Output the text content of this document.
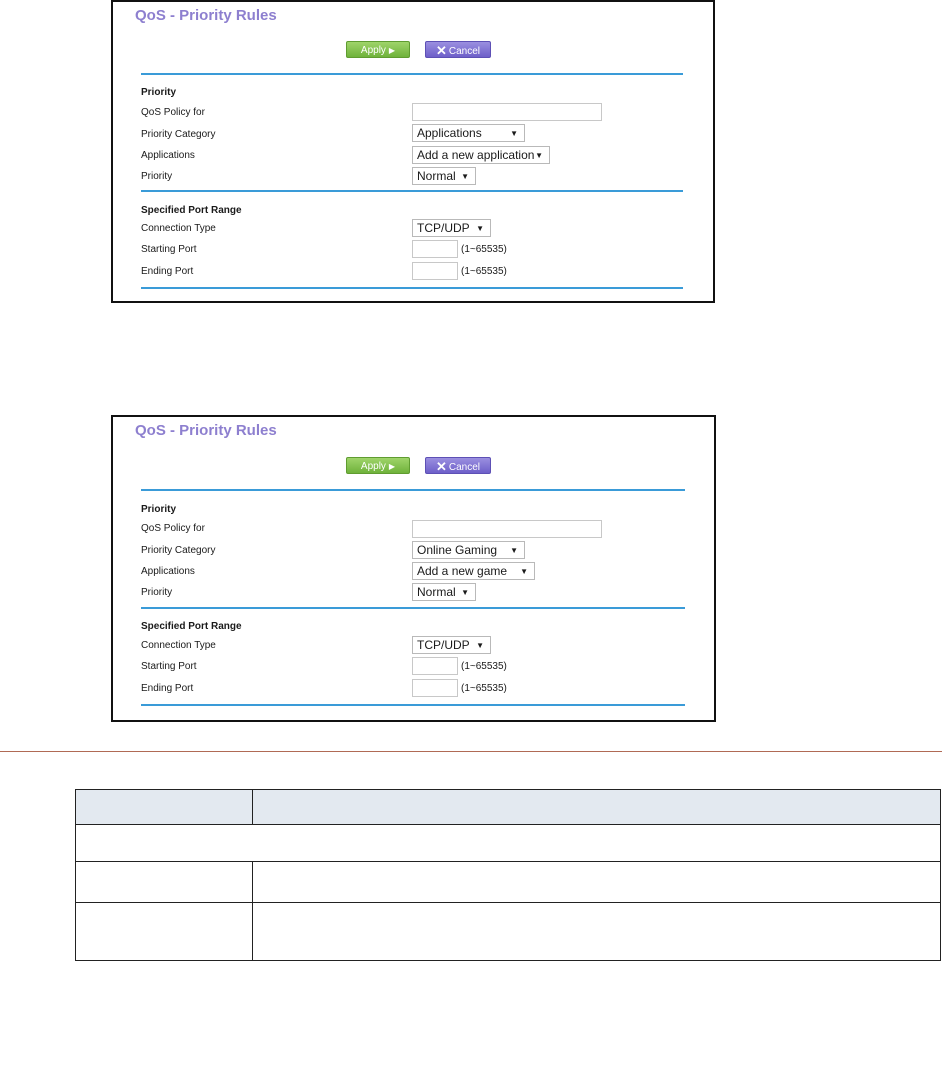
QoS - Priority Rules
Apply ▶	✕ Cancel
Priority
QoS Policy for
Priority Category	Applications	▼
Applications	Add a new application ▼
Priority	Normal ▼
Specified Port Range
Connection Type	TCP/UDP ▼
Starting Port	(1~65535)
Ending Port	(1~65535)
QoS - Priority Rules
Apply ▶	✕ Cancel
Priority
QoS Policy for
Priority Category	Online Gaming ▼
Applications	Add a new game ▼
Priority	Normal ▼
Specified Port Range
Connection Type	TCP/UDP ▼
Starting Port	(1~65535)
Ending Port	(1~65535)
